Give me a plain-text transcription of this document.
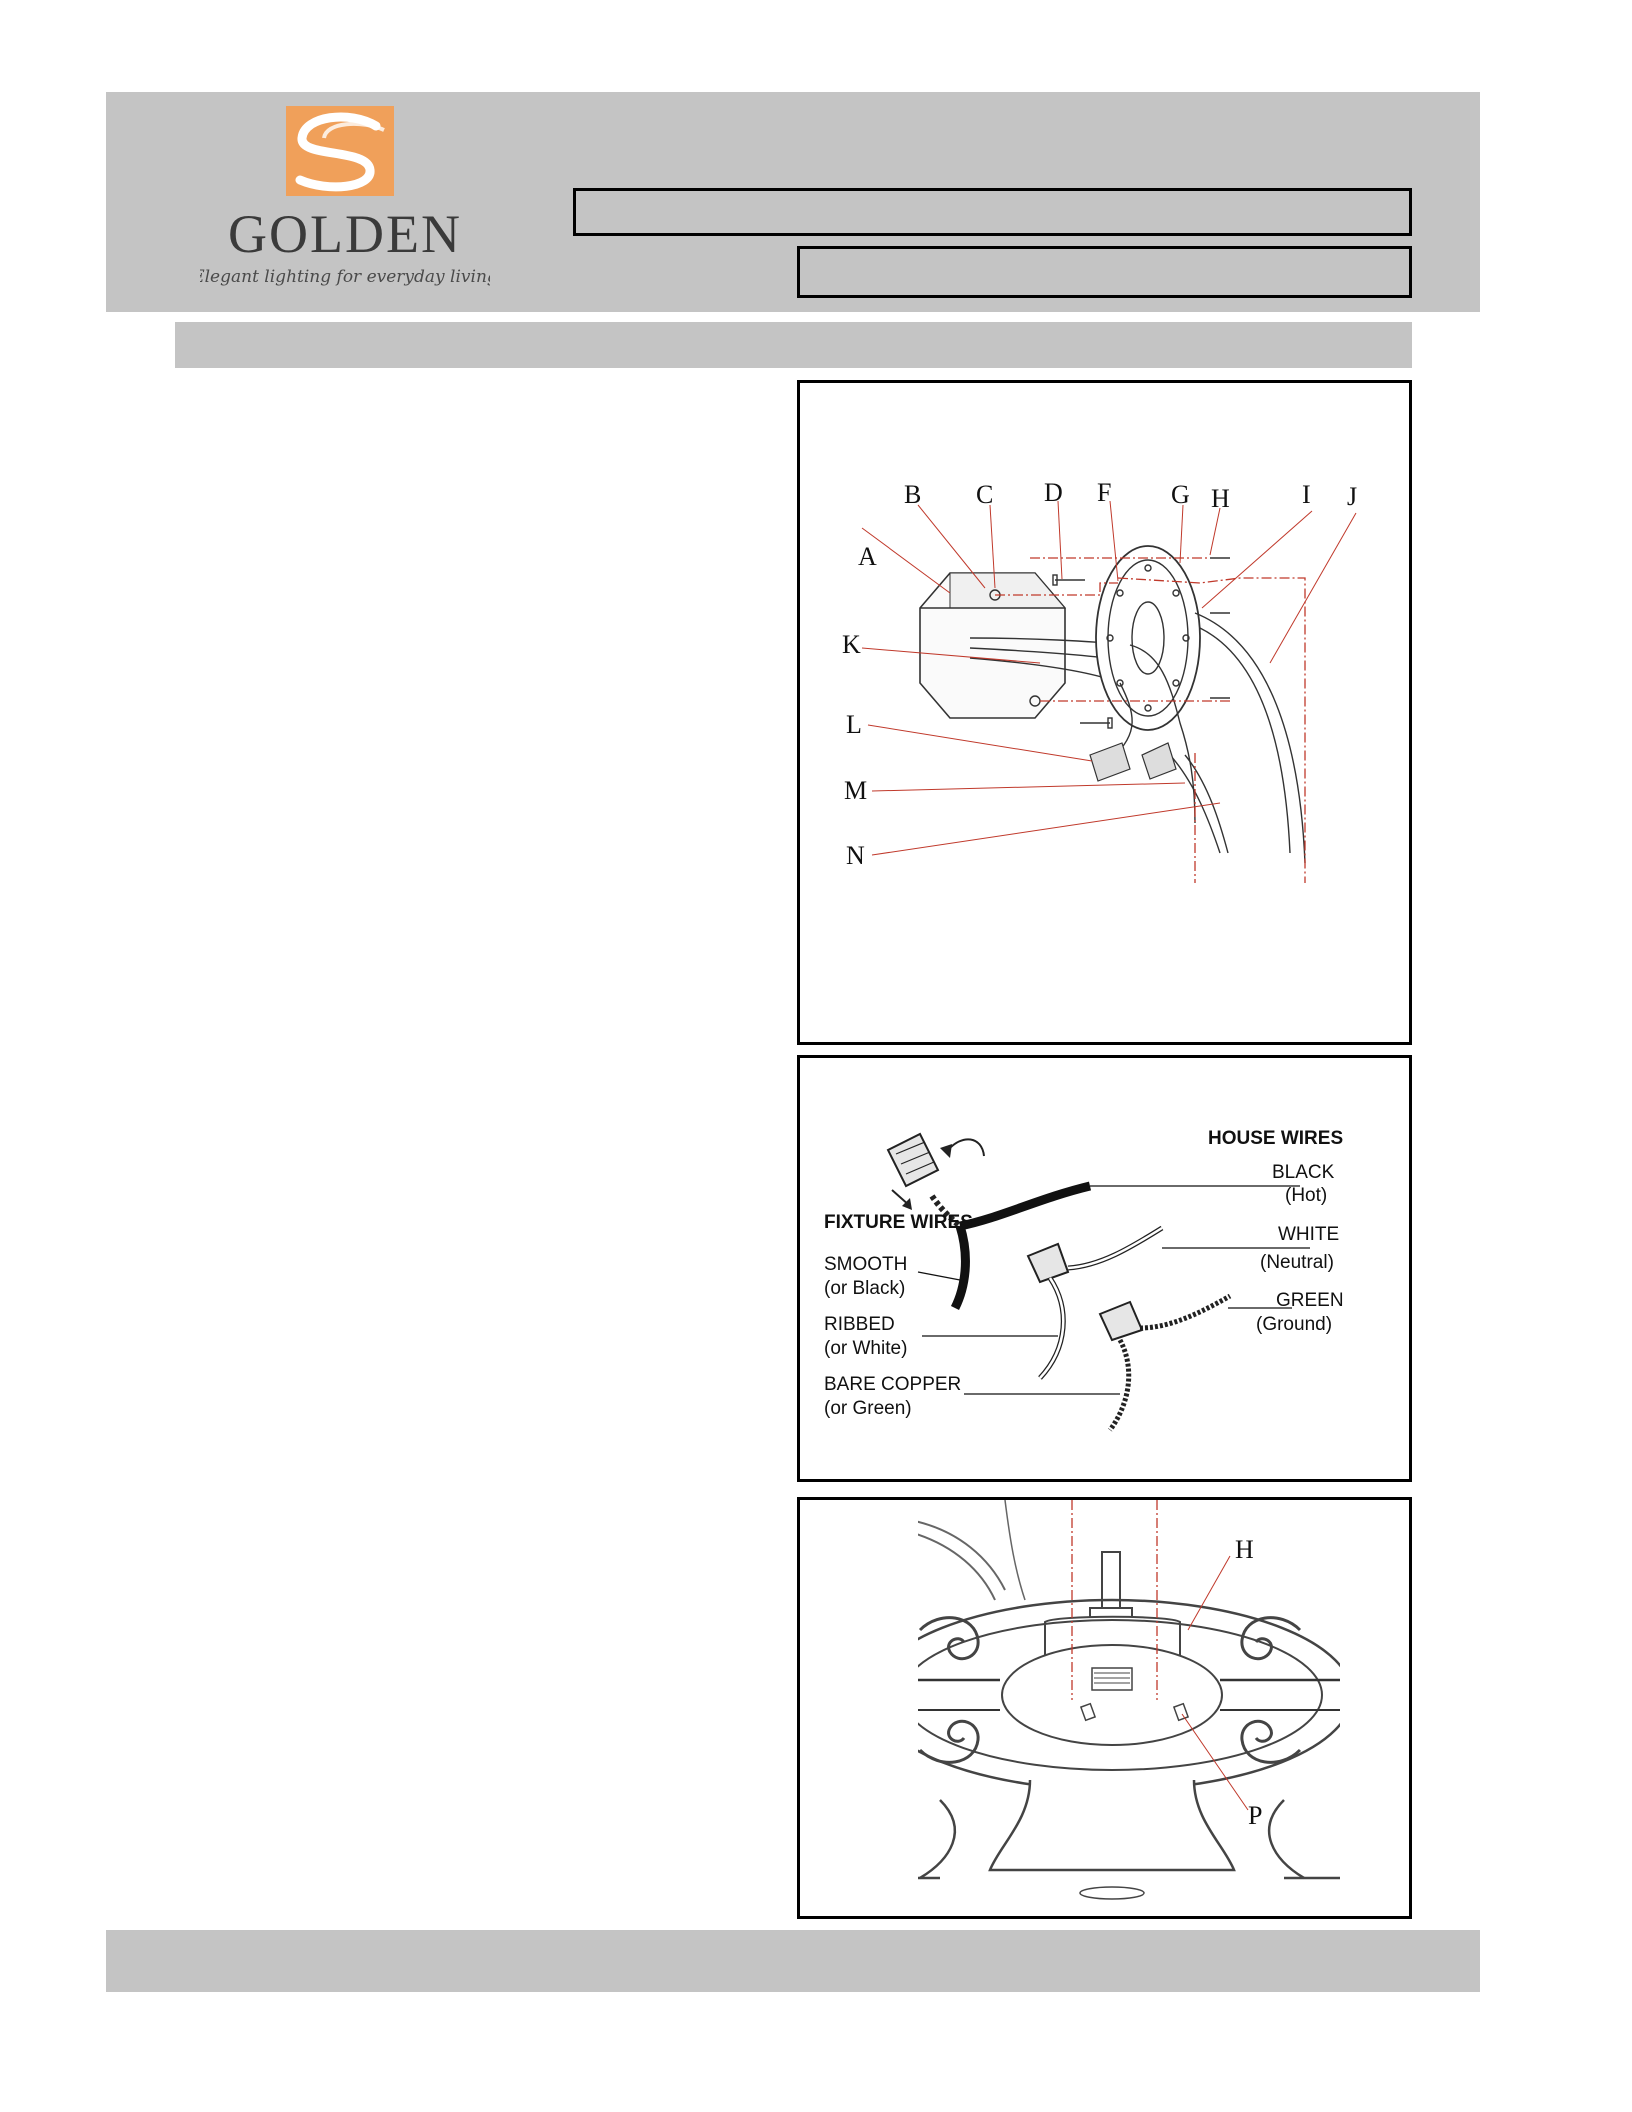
GOLDEN
Elegant lighting for everyday living
A
B C D F G H	I J
K
L
M
N
HOUSE WIRES
BLACK
(Hot)
WHITE
(Neutral)
GREEN
(Ground)
FIXTURE WIRES
SMOOTH
(or Black)
RIBBED
(or White)
BARE COPPER
(or Green)
H
P
